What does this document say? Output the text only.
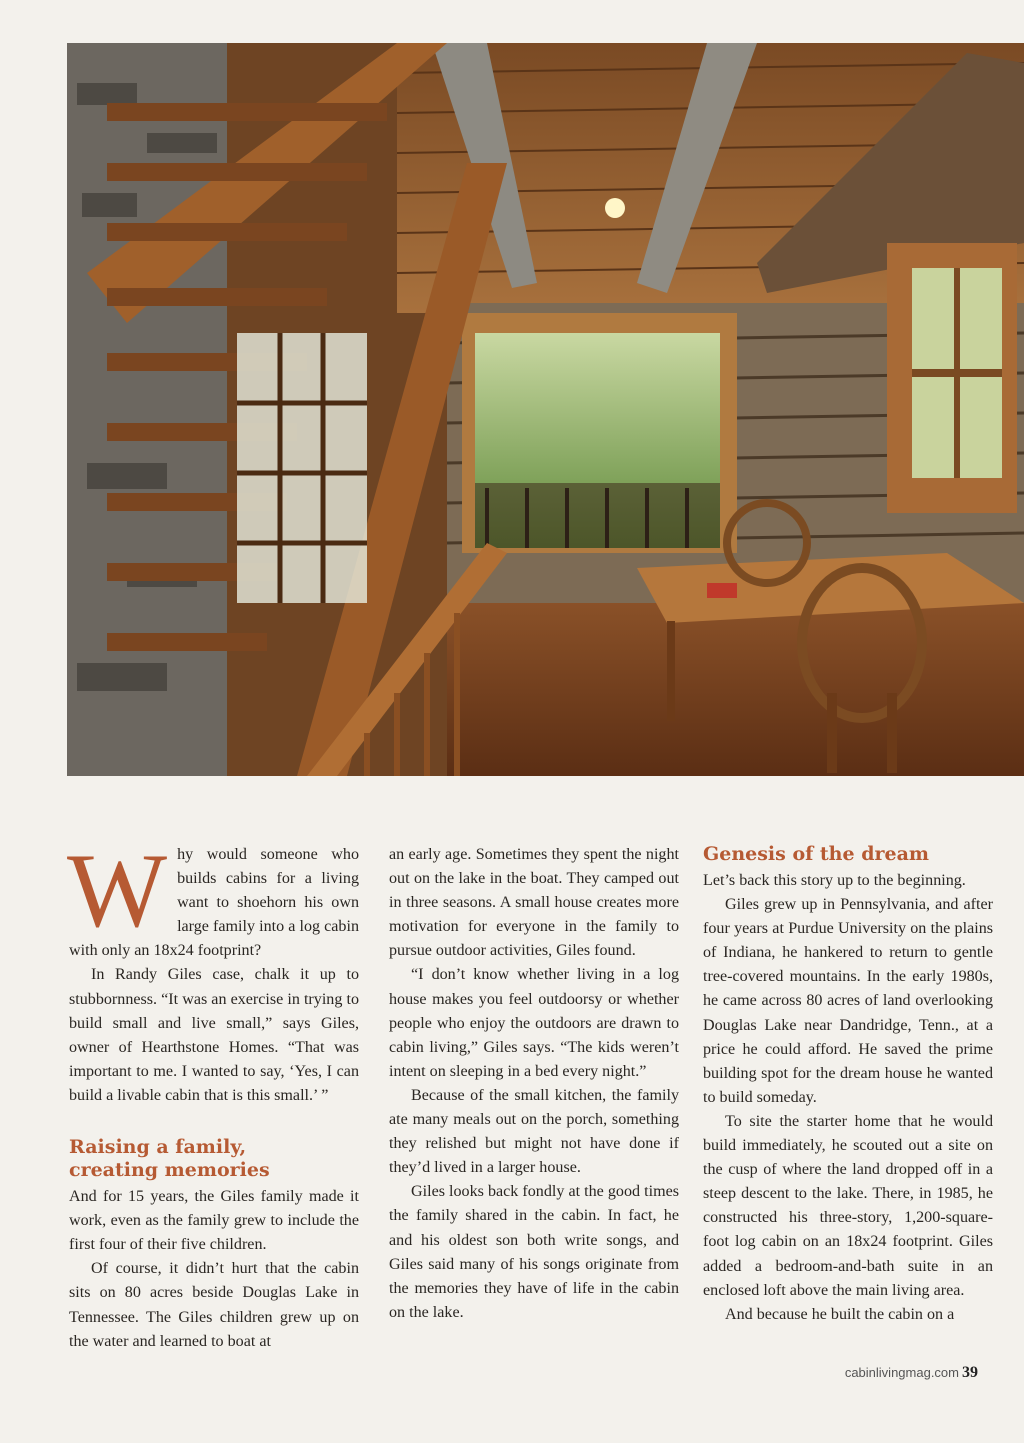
Why would someone who builds cabins for a living want to shoehorn his own large family into a log cabin with only an 18x24 footprint?

In Randy Giles case, chalk it up to stubbornness. “It was an exercise in trying to build small and live small,” says Giles, owner of Hearthstone Homes. “That was important to me. I wanted to say, ‘Yes, I can build a livable cabin that is this small.’ ”

Raising a family,
creating memories

And for 15 years, the Giles family made it work, even as the family grew to include the first four of their five children.

Of course, it didn’t hurt that the cabin sits on 80 acres beside Douglas Lake in Tennessee. The Giles children grew up on the water and learned to boat at

an early age. Sometimes they spent the night out on the lake in the boat. They camped out in three seasons. A small house creates more motivation for everyone in the family to pursue outdoor activities, Giles found.

“I don’t know whether living in a log house makes you feel outdoorsy or whether people who enjoy the outdoors are drawn to cabin living,” Giles says. “The kids weren’t intent on sleeping in a bed every night.”

Because of the small kitchen, the family ate many meals out on the porch, something they relished but might not have done if they’d lived in a larger house.

Giles looks back fondly at the good times the family shared in the cabin. In fact, he and his oldest son both write songs, and Giles said many of his songs originate from the memories they have of life in the cabin on the lake.

Genesis of the dream

Let’s back this story up to the beginning.

Giles grew up in Pennsylvania, and after four years at Purdue University on the plains of Indiana, he hankered to return to gentle tree-covered mountains. In the early 1980s, he came across 80 acres of land overlooking Douglas Lake near Dandridge, Tenn., at a price he could afford. He saved the prime building spot for the dream house he wanted to build someday.

To site the starter home that he would build immediately, he scouted out a site on the cusp of where the land dropped off in a steep descent to the lake. There, in 1985, he constructed his three-story, 1,200-square-foot log cabin on an 18x24 footprint. Giles added a bedroom-and-bath suite in an enclosed loft above the main living area.

And because he built the cabin on a

cabinlivingmag.com 39
